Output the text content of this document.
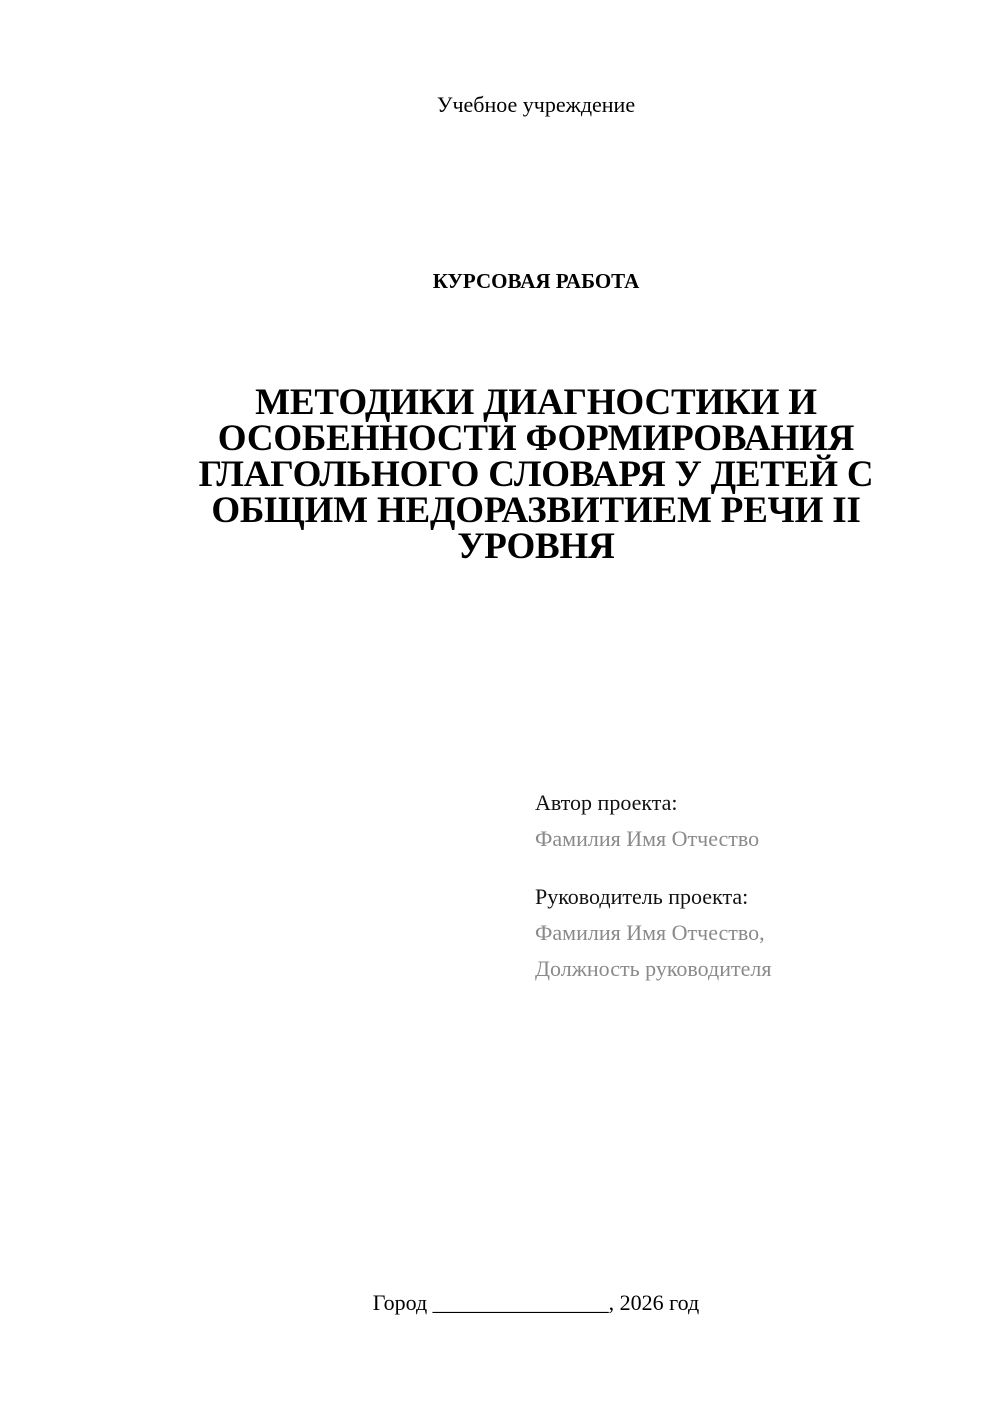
Учебное учреждение
КУРСОВАЯ РАБОТА
МЕТОДИКИ ДИАГНОСТИКИ И
ОСОБЕННОСТИ ФОРМИРОВАНИЯ
ГЛАГОЛЬНОГО СЛОВАРЯ У ДЕТЕЙ С
ОБЩИМ НЕДОРАЗВИТИЕМ РЕЧИ II
УРОВНЯ
Автор проекта:
Фамилия Имя Отчество
Руководитель проекта:
Фамилия Имя Отчество,
Должность руководителя
Город ________________, 2026 год
